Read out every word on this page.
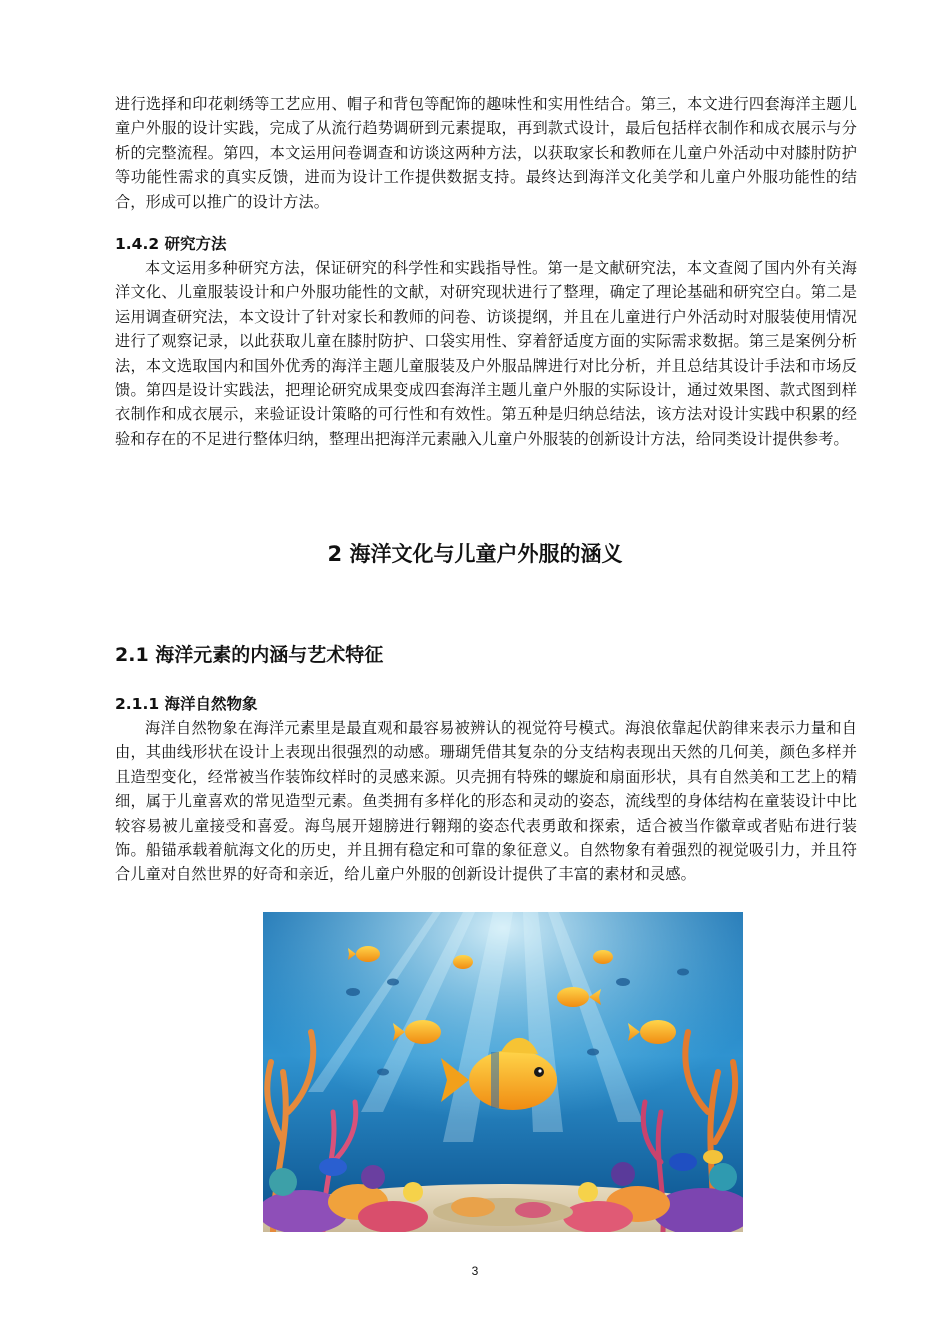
进行选择和印花刺绣等工艺应用、帽子和背包等配饰的趣味性和实用性结合。第三，本文进行四套海洋主题儿童户外服的设计实践，完成了从流行趋势调研到元素提取，再到款式设计，最后包括样衣制作和成衣展示与分析的完整流程。第四，本文运用问卷调查和访谈这两种方法，以获取家长和教师在儿童户外活动中对膝肘防护等功能性需求的真实反馈，进而为设计工作提供数据支持。最终达到海洋文化美学和儿童户外服功能性的结合，形成可以推广的设计方法。

1.4.2 研究方法

本文运用多种研究方法，保证研究的科学性和实践指导性。第一是文献研究法，本文查阅了国内外有关海洋文化、儿童服装设计和户外服功能性的文献，对研究现状进行了整理，确定了理论基础和研究空白。第二是运用调查研究法，本文设计了针对家长和教师的问卷、访谈提纲，并且在儿童进行户外活动时对服装使用情况进行了观察记录，以此获取儿童在膝肘防护、口袋实用性、穿着舒适度方面的实际需求数据。第三是案例分析法，本文选取国内和国外优秀的海洋主题儿童服装及户外服品牌进行对比分析，并且总结其设计手法和市场反馈。第四是设计实践法，把理论研究成果变成四套海洋主题儿童户外服的实际设计，通过效果图、款式图到样衣制作和成衣展示，来验证设计策略的可行性和有效性。第五种是归纳总结法，该方法对设计实践中积累的经验和存在的不足进行整体归纳，整理出把海洋元素融入儿童户外服装的创新设计方法，给同类设计提供参考。

2 海洋文化与儿童户外服的涵义
2.1 海洋元素的内涵与艺术特征
2.1.1 海洋自然物象

海洋自然物象在海洋元素里是最直观和最容易被辨认的视觉符号模式。海浪依靠起伏韵律来表示力量和自由，其曲线形状在设计上表现出很强烈的动感。珊瑚凭借其复杂的分支结构表现出天然的几何美，颜色多样并且造型变化，经常被当作装饰纹样时的灵感来源。贝壳拥有特殊的螺旋和扇面形状，具有自然美和工艺上的精细，属于儿童喜欢的常见造型元素。鱼类拥有多样化的形态和灵动的姿态，流线型的身体结构在童装设计中比较容易被儿童接受和喜爱。海鸟展开翅膀进行翱翔的姿态代表勇敢和探索，适合被当作徽章或者贴布进行装饰。船锚承载着航海文化的历史，并且拥有稳定和可靠的象征意义。自然物象有着强烈的视觉吸引力，并且符合儿童对自然世界的好奇和亲近，给儿童户外服的创新设计提供了丰富的素材和灵感。

3
